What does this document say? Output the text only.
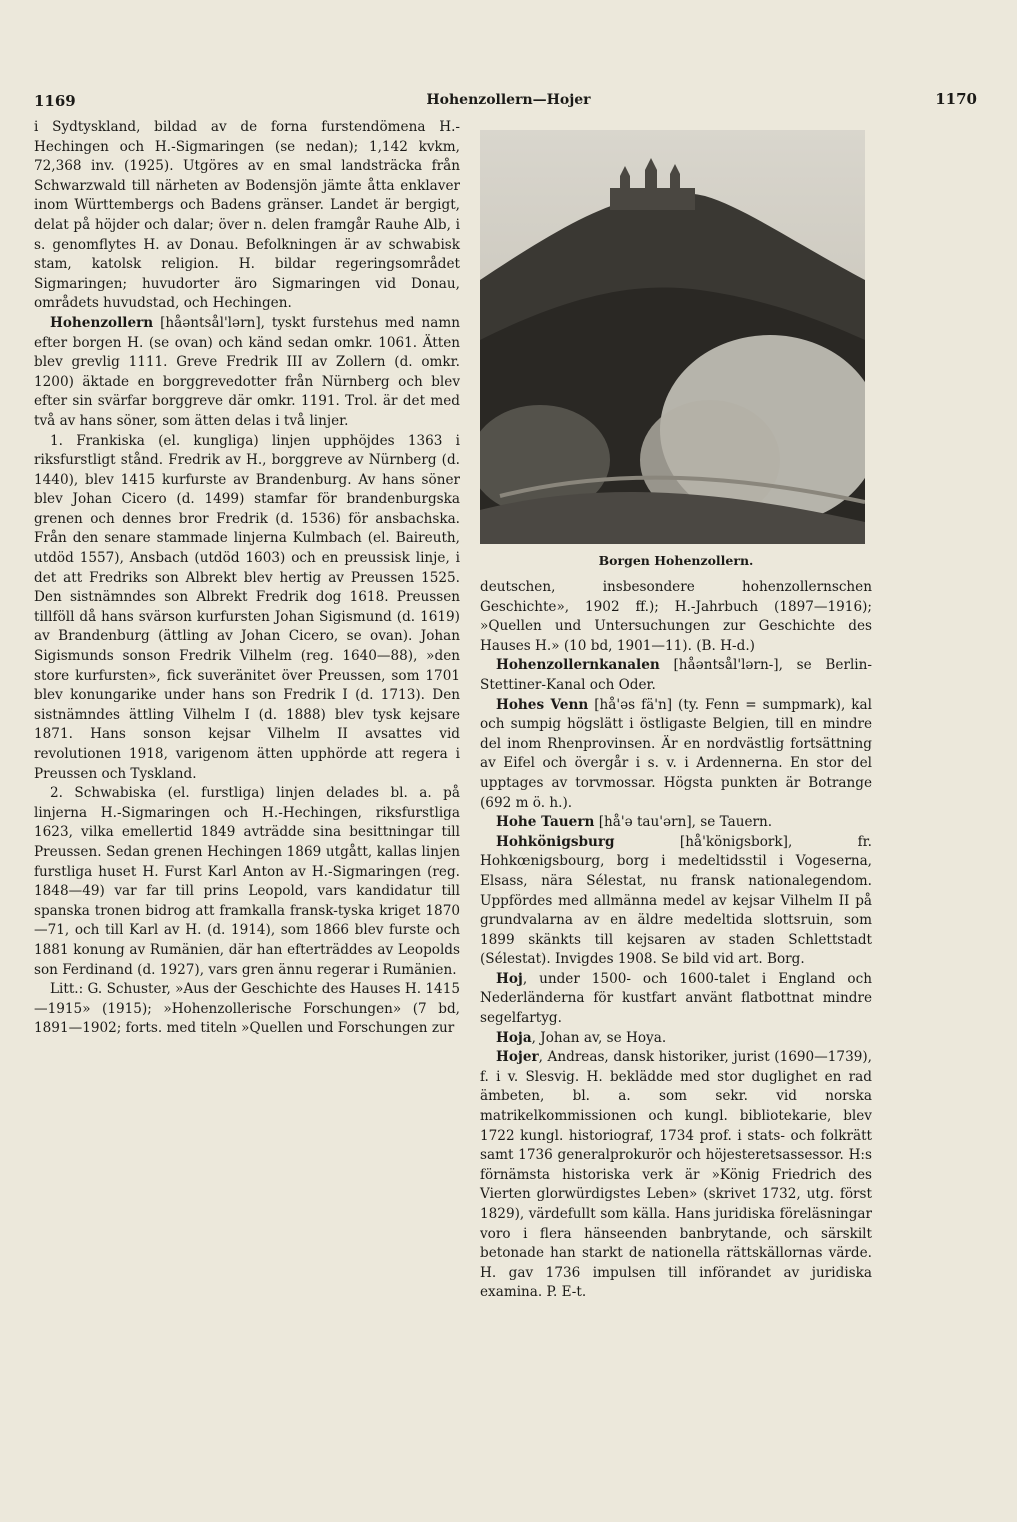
1169	Hohenzollern—Hojer	1170

i Sydtyskland, bildad av de forna furstendömena H.-Hechingen och H.-Sigmaringen (se nedan); 1,142 kvkm, 72,368 inv. (1925). Utgöres av en smal landsträcka från Schwarzwald till närheten av Bodensjön jämte åtta enklaver inom Württembergs och Badens gränser. Landet är bergigt, delat på höjder och dalar; över n. delen framgår Rauhe Alb, i s. genomflytes H. av Donau. Befolkningen är av schwabisk stam, katolsk religion. H. bildar regeringsområdet Sigmaringen; huvudorter äro Sigmaringen vid Donau, områdets huvudstad, och Hechingen.

Hohenzollern [håəntsål'lərn], tyskt furstehus med namn efter borgen H. (se ovan) och känd sedan omkr. 1061. Ätten blev grevlig 1111. Greve Fredrik III av Zollern (d. omkr. 1200) äktade en borggrevedotter från Nürnberg och blev efter sin svärfar borggreve där omkr. 1191. Trol. är det med två av hans söner, som ätten delas i två linjer.

1. Frankiska (el. kungliga) linjen upphöjdes 1363 i riksfurstligt stånd. Fredrik av H., borggreve av Nürnberg (d. 1440), blev 1415 kurfurste av Brandenburg. Av hans söner blev Johan Cicero (d. 1499) stamfar för brandenburgska grenen och dennes bror Fredrik (d. 1536) för ansbachska. Från den senare stammade linjerna Kulmbach (el. Baireuth, utdöd 1557), Ansbach (utdöd 1603) och en preussisk linje, i det att Fredriks son Albrekt blev hertig av Preussen 1525. Den sistnämndes son Albrekt Fredrik dog 1618. Preussen tillföll då hans svärson kurfursten Johan Sigismund (d. 1619) av Brandenburg (ättling av Johan Cicero, se ovan). Johan Sigismunds sonson Fredrik Vilhelm (reg. 1640—88), »den store kurfursten», fick suveränitet över Preussen, som 1701 blev konungarike under hans son Fredrik I (d. 1713). Den sistnämndes ättling Vilhelm I (d. 1888) blev tysk kejsare 1871. Hans sonson kejsar Vilhelm II avsattes vid revolutionen 1918, varigenom ätten upphörde att regera i Preussen och Tyskland.

2. Schwabiska (el. furstliga) linjen delades bl. a. på linjerna H.-Sigmaringen och H.-Hechingen, riksfurstliga 1623, vilka emellertid 1849 avträdde sina besittningar till Preussen. Sedan grenen Hechingen 1869 utgått, kallas linjen furstliga huset H. Furst Karl Anton av H.-Sigmaringen (reg. 1848—49) var far till prins Leopold, vars kandidatur till spanska tronen bidrog att framkalla fransk-tyska kriget 1870—71, och till Karl av H. (d. 1914), som 1866 blev furste och 1881 konung av Rumänien, där han efterträddes av Leopolds son Ferdinand (d. 1927), vars gren ännu regerar i Rumänien.

Litt.: G. Schuster, »Aus der Geschichte des Hauses H. 1415—1915» (1915); »Hohenzollerische Forschungen» (7 bd, 1891—1902; forts. med titeln »Quellen und Forschungen zur

Borgen Hohenzollern.

deutschen, insbesondere hohenzollernschen Geschichte», 1902 ff.); H.-Jahrbuch (1897—1916); »Quellen und Untersuchungen zur Geschichte des Hauses H.» (10 bd, 1901—11). (B. H-d.)

Hohenzollernkanalen [håəntsål'lərn-], se Berlin-Stettiner-Kanal och Oder.

Hohes Venn [hå'əs fä'n] (ty. Fenn = sumpmark), kal och sumpig högslätt i östligaste Belgien, till en mindre del inom Rhenprovinsen. Är en nordvästlig fortsättning av Eifel och övergår i s. v. i Ardennerna. En stor del upptages av torvmossar. Högsta punkten är Botrange (692 m ö. h.).

Hohe Tauern [hå'ə tau'ərn], se Tauern.

Hohkönigsburg [hå'königsbork], fr. Hohkœnigsbourg, borg i medeltidsstil i Vogeserna, Elsass, nära Sélestat, nu fransk nationalegendom. Uppfördes med allmänna medel av kejsar Vilhelm II på grundvalarna av en äldre medeltida slottsruin, som 1899 skänkts till kejsaren av staden Schlettstadt (Sélestat). Invigdes 1908. Se bild vid art. Borg.

Hoj, under 1500- och 1600-talet i England och Nederländerna för kustfart använt flatbottnat mindre segelfartyg.

Hoja, Johan av, se Hoya.

Hojer, Andreas, dansk historiker, jurist (1690—1739), f. i v. Slesvig. H. beklädde med stor duglighet en rad ämbeten, bl. a. som sekr. vid norska matrikelkommissionen och kungl. bibliotekarie, blev 1722 kungl. historiograf, 1734 prof. i stats- och folkrätt samt 1736 generalprokurör och höjesteretsassessor. H:s förnämsta historiska verk är »König Friedrich des Vierten glorwürdigstes Leben» (skrivet 1732, utg. först 1829), värdefullt som källa. Hans juridiska föreläsningar voro i flera hänseenden banbrytande, och särskilt betonade han starkt de nationella rättskällornas värde. H. gav 1736 impulsen till införandet av juridiska examina. P. E-t.
